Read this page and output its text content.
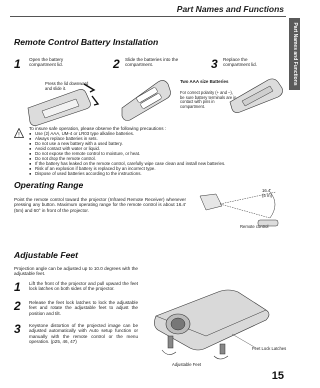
Part Names and Functions
Part Names and Functions
Remote Control Battery Installation
1 Open the battery compartment lid.	2 Slide the batteries into the compartment.	3 Replace the compartment lid.
Press the lid downward and slide it.
Two AAA size Batteries
For correct polarity (+ and –), be sure battery terminals are in contact with pins in compartment.
!
To insure safe operation, please observe the following precautions :
● Use (2) AAA, UM-4 or LR03 type alkaline batteries.
● Always replace batteries in sets.
● Do not use a new battery with a used battery.
● Avoid contact with water or liquid.
● Do not expose the remote control to moisture, or heat.
● Do not drop the remote control.
● If the battery has leaked on the remote control, carefully wipe case clean and install new batteries.
● Risk of an explosion if battery is replaced by an incorrect type.
● Dispose of used batteries according to the instructions.
Operating Range
Point the remote control toward the projector (Infrared Remote Receiver) whenever pressing any button. Maximum operating range for the remote control is about 16.4' (5m) and 60° in front of the projector.
16.4'
(5 m)
Remote control
Adjustable Feet
Projection angle can be adjusted up to 10.0 degrees with the adjustable feet.
1 Lift the front of the projector and pull upward the feet lock latches on both sides of the projector.
2 Release the feet lock latches to lock the adjustable feet and rotate the adjustable feet to adjust the position and tilt.
3 Keystone distortion of the projected image can be adjusted automatically with Auto setup function or manually with the remote control or the menu operation. (p25, 46, 47)
Feet Lock Latches
Adjustable Feet
15
